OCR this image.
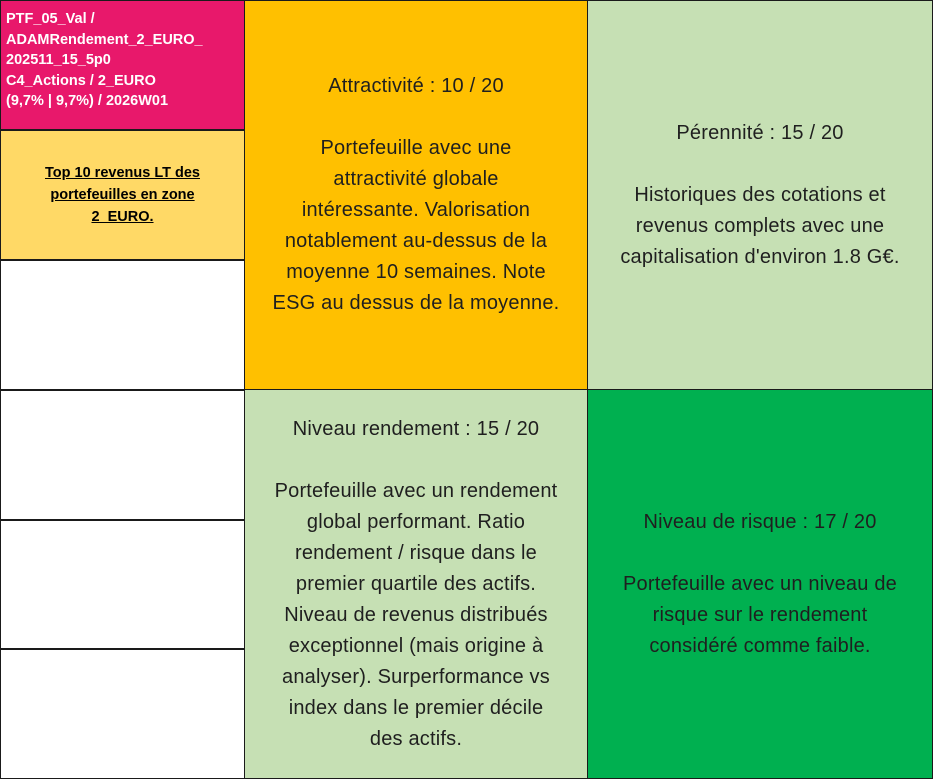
PTF_05_Val /
ADAMRendement_2_EURO_
202511_15_5p0
C4_Actions / 2_EURO
(9,7% | 9,7%) / 2026W01
Top 10 revenus LT des
portefeuilles en zone
2_EURO.
Attractivité : 10 / 20
Portefeuille avec une
attractivité globale
intéressante. Valorisation
notablement au-dessus de la
moyenne 10 semaines. Note
ESG au dessus de la moyenne.
Pérennité : 15 / 20
Historiques des cotations et
revenus complets avec une
capitalisation d'environ 1.8 G€.
Niveau rendement : 15 / 20
Portefeuille avec un rendement
global performant. Ratio
rendement / risque dans le
premier quartile des actifs.
Niveau de revenus distribués
exceptionnel (mais origine à
analyser). Surperformance vs
index dans le premier décile
des actifs.
Niveau de risque : 17 / 20
Portefeuille avec un niveau de
risque sur le rendement
considéré comme faible.
